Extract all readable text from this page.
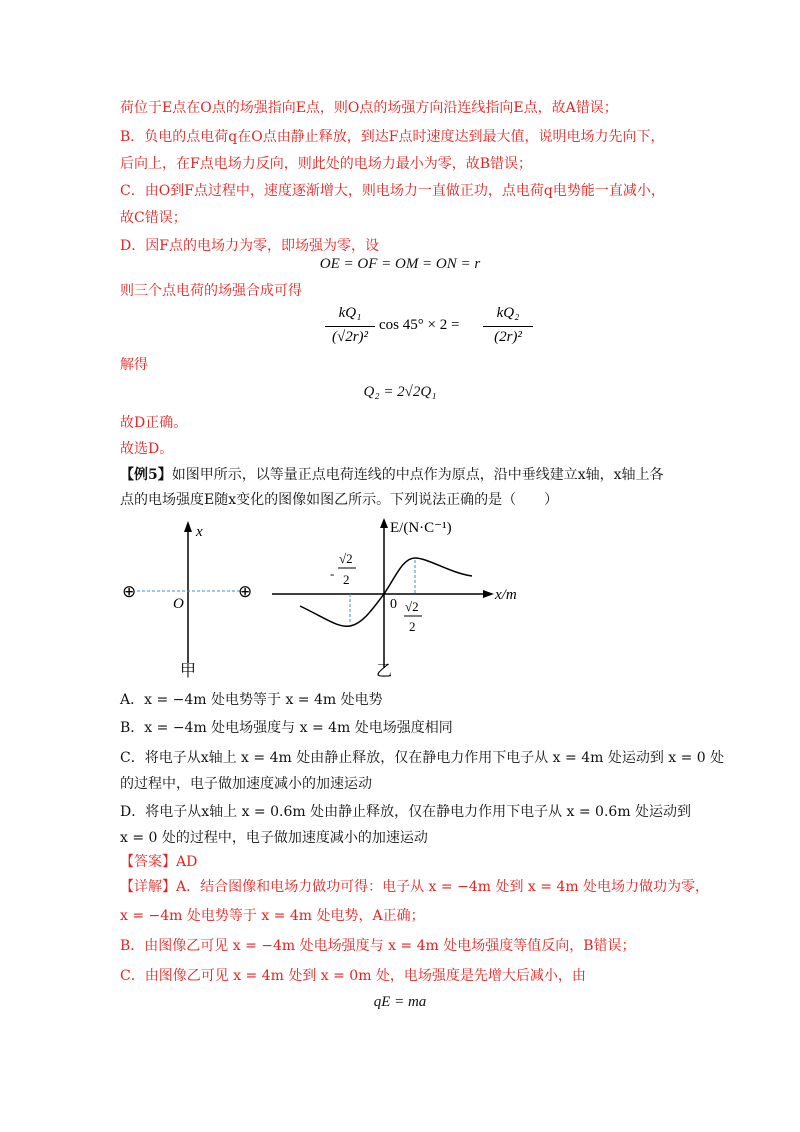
荷位于E点在O点的场强指向E点，则O点的场强方向沿连线指向E点，故A错误；
B．负电的点电荷q在O点由静止释放，到达F点时速度达到最大值，说明电场力先向下，
后向上，在F点电场力反向，则此处的电场力最小为零，故B错误；
C．由O到F点过程中，速度逐渐增大，则电场力一直做正功，点电荷q电势能一直减小，
故C错误；
D．因F点的电场力为零，即场强为零，设
OE = OF = OM = ON = r
则三个点电荷的场强合成可得
kQ₁
(√2r)²
cos 45° × 2 =
kQ₂
(2r)²
解得
Q₂ = 2√2Q₁
故D正确。
故选D。
【例5】如图甲所示，以等量正点电荷连线的中点作为原点，沿中垂线建立x轴，x轴上各
点的电场强度E随x变化的图像如图乙所示。下列说法正确的是（　　）
x
⊕	⊕
O
甲
x/m
E/(N·C⁻¹)
0
-
√2
2
√2
2
乙
A．x = −4m 处电势等于 x = 4m 处电势
B．x = −4m 处电场强度与 x = 4m 处电场强度相同
C．将电子从x轴上 x = 4m 处由静止释放，仅在静电力作用下电子从 x = 4m 处运动到 x = 0 处
的过程中，电子做加速度减小的加速运动
D．将电子从x轴上 x = 0.6m 处由静止释放，仅在静电力作用下电子从 x = 0.6m 处运动到
x = 0 处的过程中，电子做加速度减小的加速运动
【答案】AD
【详解】A．结合图像和电场力做功可得：电子从 x = −4m 处到 x = 4m 处电场力做功为零，
x = −4m 处电势等于 x = 4m 处电势，A正确；
B．由图像乙可见 x = −4m 处电场强度与 x = 4m 处电场强度等值反向，B错误；
C．由图像乙可见 x = 4m 处到 x = 0m 处，电场强度是先增大后减小，由
qE = ma
